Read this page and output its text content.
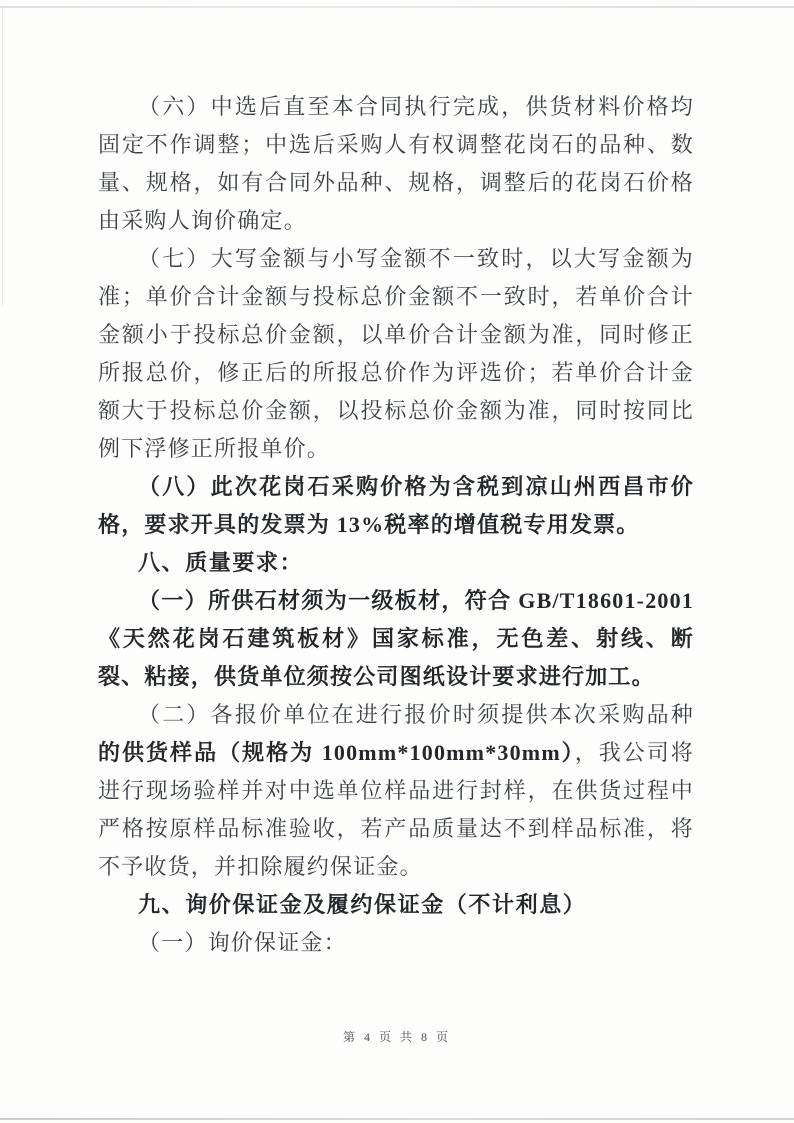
（六）中选后直至本合同执行完成，供货材料价格均固定不作调整；中选后采购人有权调整花岗石的品种、数量、规格，如有合同外品种、规格，调整后的花岗石价格由采购人询价确定。

（七）大写金额与小写金额不一致时，以大写金额为准；单价合计金额与投标总价金额不一致时，若单价合计金额小于投标总价金额，以单价合计金额为准，同时修正所报总价，修正后的所报总价作为评选价；若单价合计金额大于投标总价金额，以投标总价金额为准，同时按同比例下浮修正所报单价。

（八）此次花岗石采购价格为含税到凉山州西昌市价格，要求开具的发票为 13%税率的增值税专用发票。

八、质量要求：

（一）所供石材须为一级板材，符合 GB/T18601-2001《天然花岗石建筑板材》国家标准，无色差、射线、断裂、粘接，供货单位须按公司图纸设计要求进行加工。

（二）各报价单位在进行报价时须提供本次采购品种的供货样品（规格为 100mm*100mm*30mm），我公司将进行现场验样并对中选单位样品进行封样，在供货过程中严格按原样品标准验收，若产品质量达不到样品标准，将不予收货，并扣除履约保证金。

九、询价保证金及履约保证金（不计利息）

（一）询价保证金：

第 4 页 共 8 页
